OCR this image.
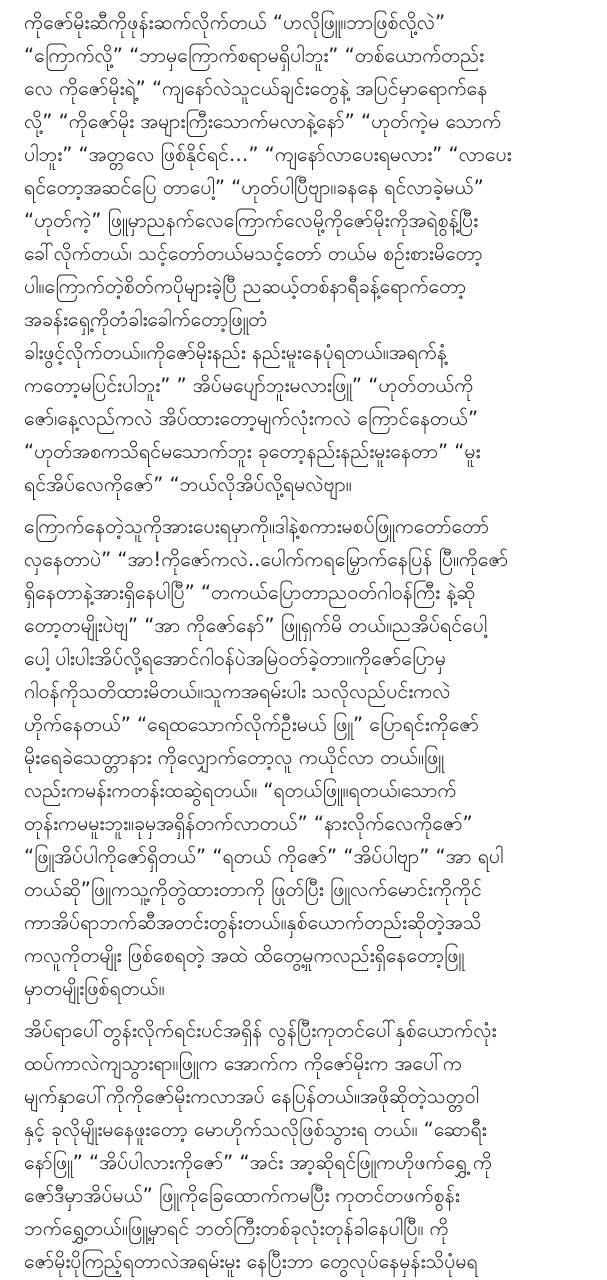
ကိုဇော်မိုးဆီကိုဖုန်းဆက်လိုက်တယ် “ဟလိုဖြူ။ဘာဖြစ်လို့လဲ”
“ကြောက်လို့” “ဘာမှကြောက်စရာမရှိပါဘူး” “တစ်ယောက်တည်း
လေ ကိုဇော်မိုးရဲ့” “ကျနော်လဲသူငယ်ချင်းတွေနဲ့ အပြင်မှာရောက်နေ
လို့” “ကိုဇော်မိုး အများကြီးသောက်မလာနဲ့နော်” “ဟုတ်ကဲ့မ သောက်
ပါဘူး” “အတ္တလေ ဖြစ်နိုင်ရင်…” “ကျနော်လာပေးရမလား” “လာပေး
ရင်တော့အဆင်ပြေ တာပေါ့” “ဟုတ်ပါပြီဗျာ။ခနနေ ရင်လာခဲ့မယ်”
“ဟုတ်ကဲ့” ဖြူမှာညနက်လေကြောက်လေမို့ကိုဇော်မိုးကိုအရဲစွန့်ပြီး
ခေါ်လိုက်တယ်၊ သင့်တော်တယ်မသင့်တော် တယ်မ စဉ်းစားမိတော့
ပါ။ကြောက်တဲ့စိတ်ကပိုများခဲ့ပြီ ညဆယ့်တစ်နာရီခန့်ရောက်တော့
အခန်းရှေ့ကိုတံခါးခေါက်တော့ဖြူတံ
ခါးဖွင့်လိုက်တယ်။ကိုဇော်မိုးနည်း နည်းမူးနေပုံရတယ်။အရက်နံ့
ကတော့မပြင်းပါဘူး” ” အိပ်မပျော်ဘူးမလားဖြူ” “ဟုတ်တယ်ကို
ဇော်၊နေ့လည်ကလဲ အိပ်ထားတော့မျက်လုံးကလဲ ကြောင်နေတယ်”
“ဟုတ်အစကသိရင်မသောက်ဘူး ခုတော့နည်းနည်းမူးနေတာ” “မူး
ရင်အိပ်လေကိုဇော်” “ဘယ်လိုအိပ်လို့ရမလဲဗျာ။
ကြောက်နေတဲ့သူကိုအားပေးရမှာကို။ဒါနဲ့စကားမစပ်ဖြူကတော်တော်
လှနေတာပဲ” “အာ!ကိုဇော်ကလဲ..ပေါက်ကရမြှောက်နေပြန် ပြီ။ကိုဇော်
ရှိနေတာနဲ့အားရှိနေပါပြီ” “တကယ်ပြောတာညဝတ်ဂါဝန်ကြီး နဲ့ဆို
တော့တမျိုးပဲဗျ” “အာ ကိုဇော်နော်” ဖြူရှက်မိ တယ်။ညအိပ်ရင်ပေါ့
ပေါ့ ပါးပါးအိပ်လို့ရအောင်ဂါဝန်ပဲအမြဲဝတ်ခဲ့တာ။ကိုဇော်ပြောမှ
ဂါဝန်ကိုသတိထားမိတယ်။သူကအရမ်းပါး သလိုလည်ပင်းကလဲ
ဟိုက်နေတယ်” “ရေထသောက်လိုက်ဦးမယ် ဖြူ” ပြောရင်းကိုဇော်
မိုးရေခဲသေတ္တာနား ကိုလျှောက်တော့လူ ကယိုင်လာ တယ်။ဖြူ
လည်းကမန်းကတန်းထဆွဲရတယ်။ “ရတယ်ဖြူ။ရတယ်၊သောက်
တုန်းကမမူးဘူး။ခုမှအရှိန်တက်လာတယ်” “နားလိုက်လေကိုဇော်”
“ဖြူအိပ်ပါကိုဇော်ရှိတယ်” “ရတယ် ကိုဇော်” “အိပ်ပါဗျာ” “အာ ရပါ
တယ်ဆို”ဖြူကသူ့ကိုတွဲထားတာကို ဖြုတ်ပြီး ဖြူလက်မောင်းကိုကိုင်
ကာအိပ်ရာဘက်ဆီအတင်းတွန်းတယ်။နှစ်ယောက်တည်းဆိုတဲ့အသိ
ကလူကိုတမျိုး ဖြစ်စေရတဲ့ အထဲ ထိတွေ့မှုကလည်းရှိနေတော့ဖြူ
မှာတမျိုးဖြစ်ရတယ်။
အိပ်ရာပေါ်တွန်းလိုက်ရင်းပင်အရှိန် လွန်ပြီးကုတင်ပေါ်နှစ်ယောက်လုံး
ထပ်ကာလဲကျသွားရာ။ဖြူက အောက်က ကိုဇော်မိုးက အပေါ်က
မျက်နှာပေါ်ကိုကိုဇော်မိုးကလာအပ် နေပြန်တယ်။အဖိုဆိုတဲ့သတ္တဝါ
နှင့် ခုလိုမျိုးမနေဖူးတော့ မောဟိုက်သလိုဖြစ်သွားရ တယ်။ “ဆောရီး
နော်ဖြူ” “အိပ်ပါလားကိုဇော်” “အင်း အာ့ဆိုရင်ဖြူကဟိုဖက်ရွှေ့ ကို
ဇော်ဒီမှာအိပ်မယ်” ဖြူကိုခြေထောက်ကမပြီး ကုတင်တဖက်စွန်း
ဘက်ရွှေ့တယ်။ဖြူ့မှာရင် ဘတ်ကြီးတစ်ခုလုံးတုန်ခါနေပါပြီ။ ကို
ဇော်မိုးပိုကြည့်ရတာလဲအရမ်းမူး နေပြီးဘာ တွေလုပ်နေမှန်းသိပုံမရ
